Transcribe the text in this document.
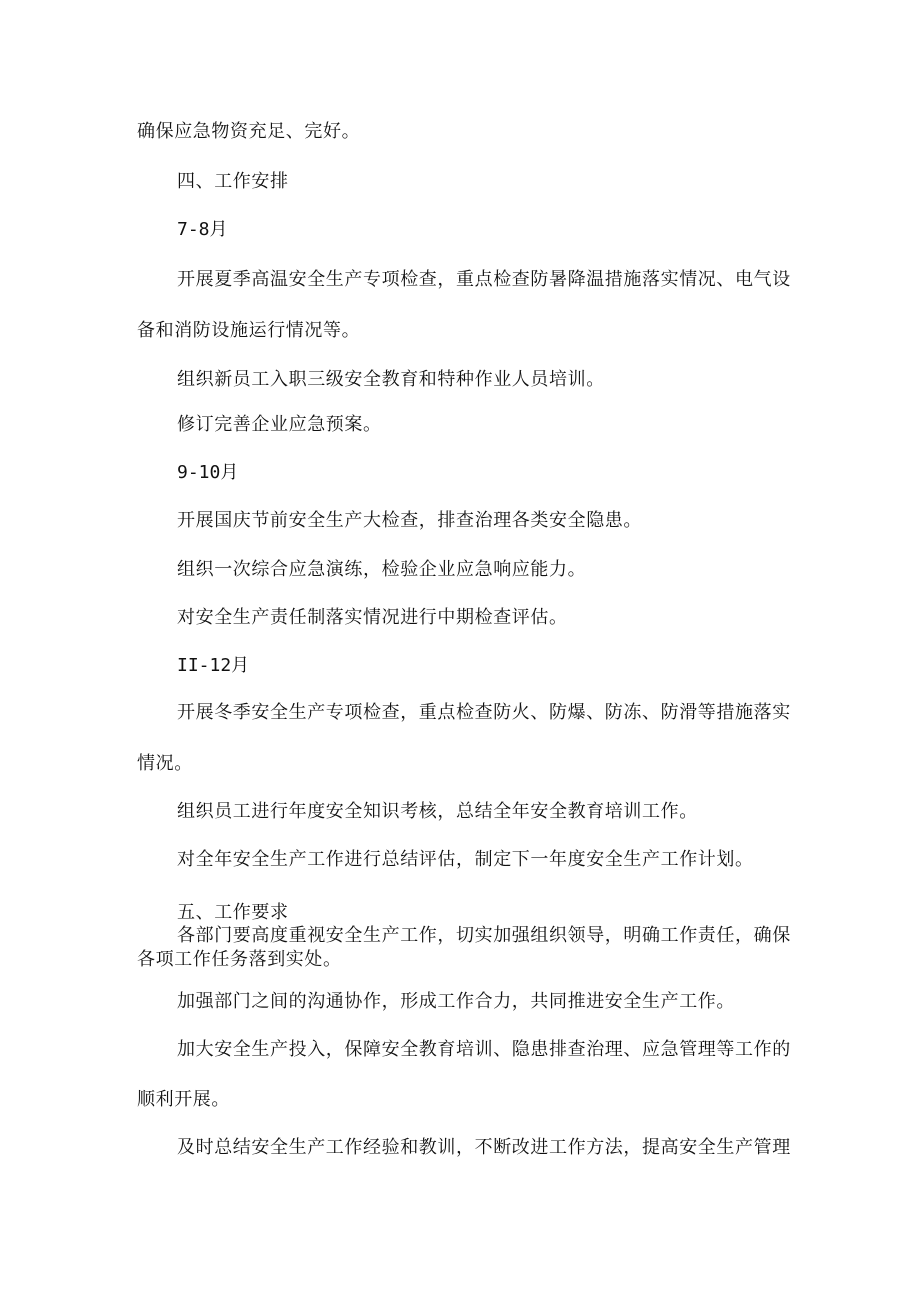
确保应急物资充足、完好。
四、工作安排
7-8月
开展夏季高温安全生产专项检查，重点检查防暑降温措施落实情况、电气设
备和消防设施运行情况等。
组织新员工入职三级安全教育和特种作业人员培训。
修订完善企业应急预案。
9-10月
开展国庆节前安全生产大检查，排查治理各类安全隐患。
组织一次综合应急演练，检验企业应急响应能力。
对安全生产责任制落实情况进行中期检查评估。
II-12月
开展冬季安全生产专项检查，重点检查防火、防爆、防冻、防滑等措施落实
情况。
组织员工进行年度安全知识考核，总结全年安全教育培训工作。
对全年安全生产工作进行总结评估，制定下一年度安全生产工作计划。
五、工作要求
各部门要高度重视安全生产工作，切实加强组织领导，明确工作责任，确保
各项工作任务落到实处。
加强部门之间的沟通协作，形成工作合力，共同推进安全生产工作。
加大安全生产投入，保障安全教育培训、隐患排查治理、应急管理等工作的
顺利开展。
及时总结安全生产工作经验和教训，不断改进工作方法，提高安全生产管理
